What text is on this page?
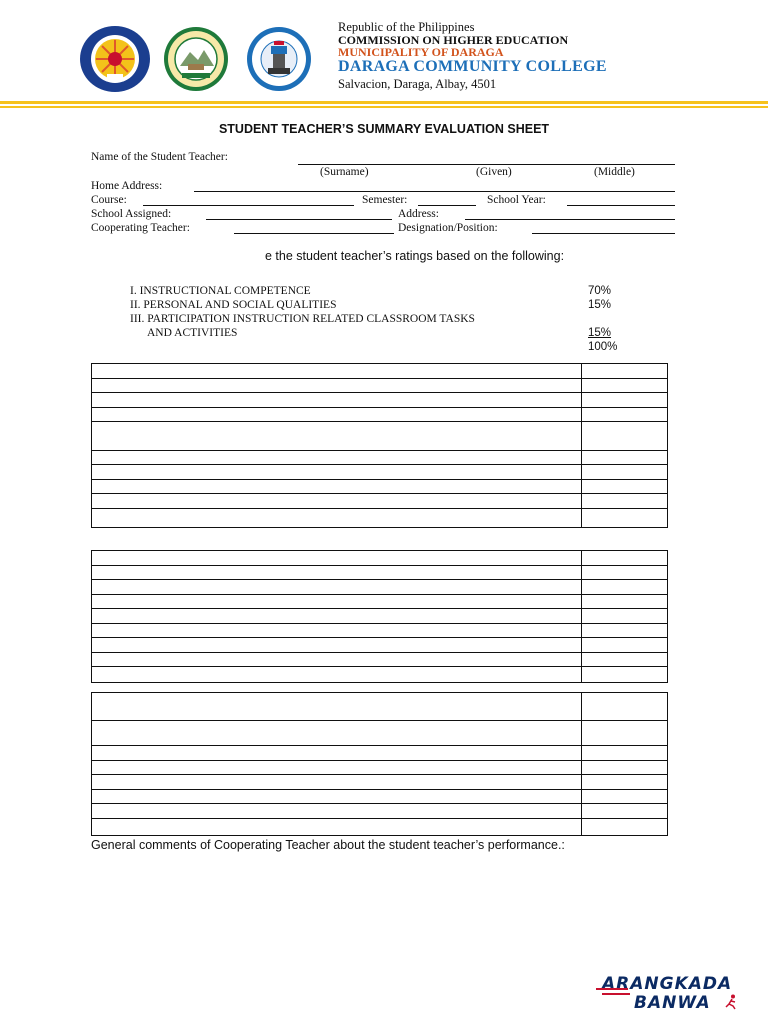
Republic of the Philippines
COMMISSION ON HIGHER EDUCATION
MUNICIPALITY OF DARAGA
DARAGA COMMUNITY COLLEGE
Salvacion, Daraga, Albay, 4501
STUDENT TEACHER’S SUMMARY EVALUATION SHEET
Name of the Student Teacher:
(Surname)	(Given)	(Middle)
Home Address:
Course:	Semester:	School Year:
School Assigned:	Address:
Cooperating Teacher:	Designation/Position:
e the student teacher’s ratings based on the following:
I. INSTRUCTIONAL COMPETENCE	70%
II. PERSONAL AND SOCIAL QUALITIES	15%
III. PARTICIPATION INSTRUCTION RELATED CLASSROOM TASKS
AND ACTIVITIES	15%
100%
General comments of Cooperating Teacher about the student teacher’s performance.:
ARANGKADA
BANWA
